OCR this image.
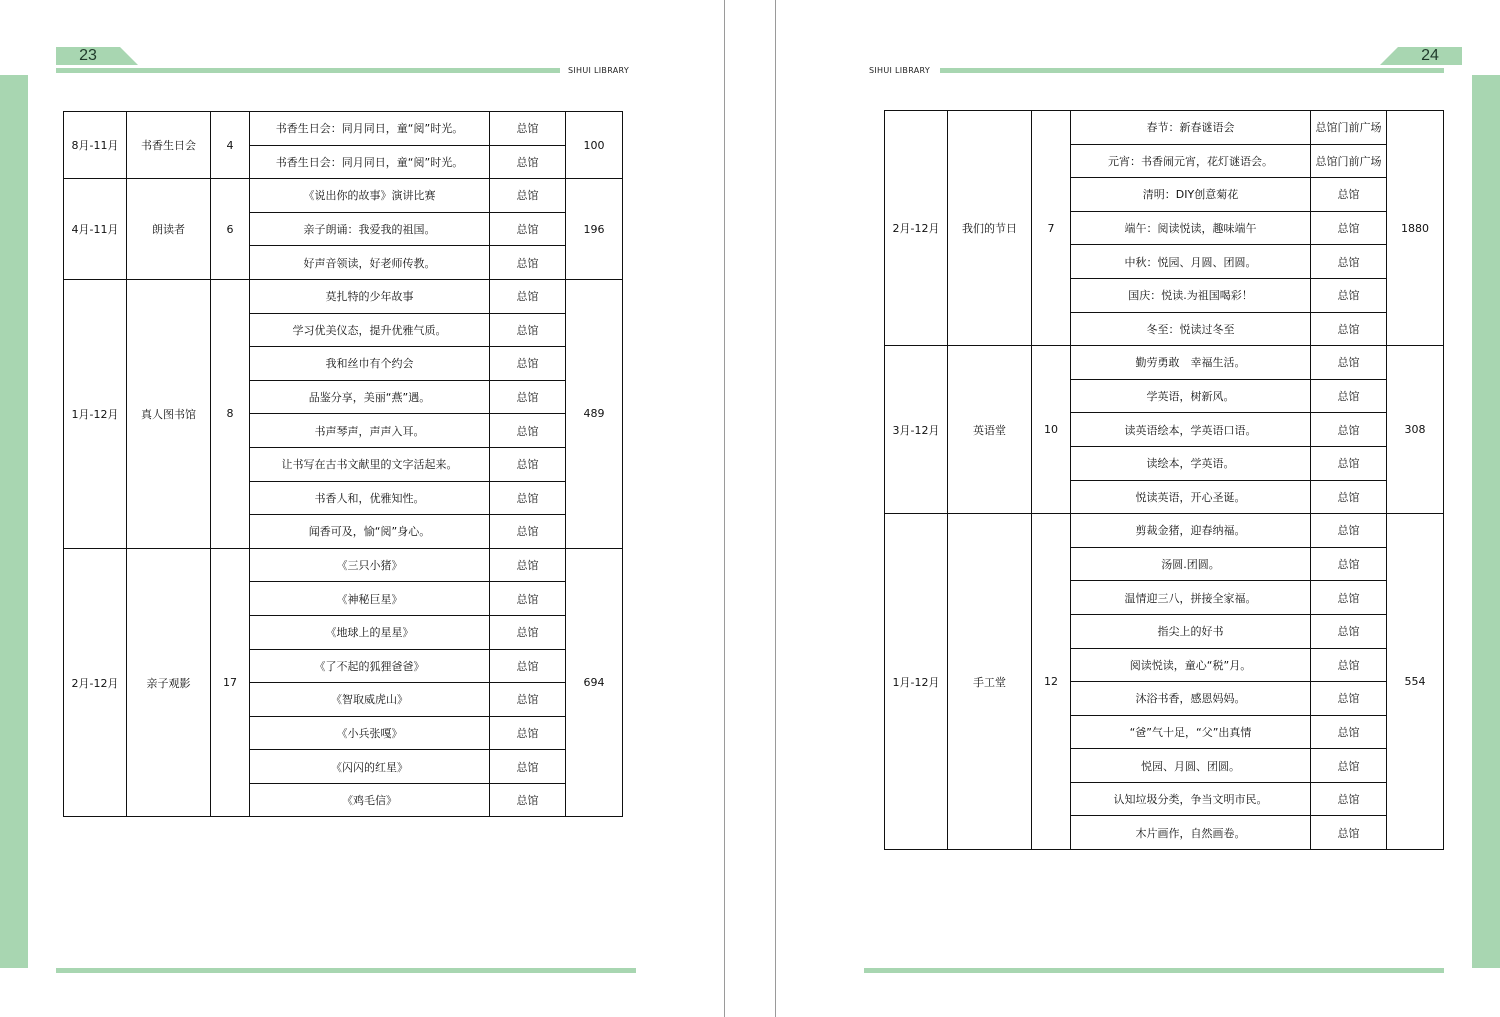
23
SIHUI LIBRARY
8月-11月	书香生日会	4	书香生日会：同月同日，童“阅”时光。	总馆	100
			书香生日会：同月同日，童“阅”时光。	总馆	
4月-11月	朗读者	6	《说出你的故事》演讲比赛	总馆	196
			亲子朗诵：我爱我的祖国。	总馆	
			好声音领读，好老师传教。	总馆	
1月-12月	真人图书馆	8	莫扎特的少年故事	总馆	489
			学习优美仪态，提升优雅气质。	总馆	
			我和丝巾有个约会	总馆	
			品鉴分享，美丽“燕”遇。	总馆	
			书声琴声，声声入耳。	总馆	
			让书写在古书文献里的文字活起来。	总馆	
			书香人和，优雅知性。	总馆	
			闻香可及，愉“阅”身心。	总馆	
2月-12月	亲子观影	17	《三只小猪》	总馆	694
			《神秘巨星》	总馆	
			《地球上的星星》	总馆	
			《了不起的狐狸爸爸》	总馆	
			《智取威虎山》	总馆	
			《小兵张嘎》	总馆	
			《闪闪的红星》	总馆	
			《鸡毛信》	总馆	
SIHUI LIBRARY
24
2月-12月	我们的节日	7	春节：新春谜语会	总馆门前广场	1880
			元宵：书香闹元宵，花灯谜语会。	总馆门前广场	
			清明：DIY创意菊花	总馆	
			端午：阅读悦读，趣味端午	总馆	
			中秋：悦园、月圆、团圆。	总馆	
			国庆：悦读.为祖国喝彩！	总馆	
			冬至：悦读过冬至	总馆	
3月-12月	英语堂	10	勤劳勇敢　幸福生活。	总馆	308
			学英语，树新风。	总馆	
			读英语绘本，学英语口语。	总馆	
			读绘本，学英语。	总馆	
			悦读英语，开心圣诞。	总馆	
1月-12月	手工堂	12	剪裁金猪，迎春纳福。	总馆	554
			汤圆.团圆。	总馆	
			温情迎三八，拼接全家福。	总馆	
			指尖上的好书	总馆	
			阅读悦读，童心“税”月。	总馆	
			沐浴书香，感恩妈妈。	总馆	
			“爸”气十足，“父”出真情	总馆	
			悦园、月圆、团圆。	总馆	
			认知垃圾分类，争当文明市民。	总馆	
			木片画作，自然画卷。	总馆	
